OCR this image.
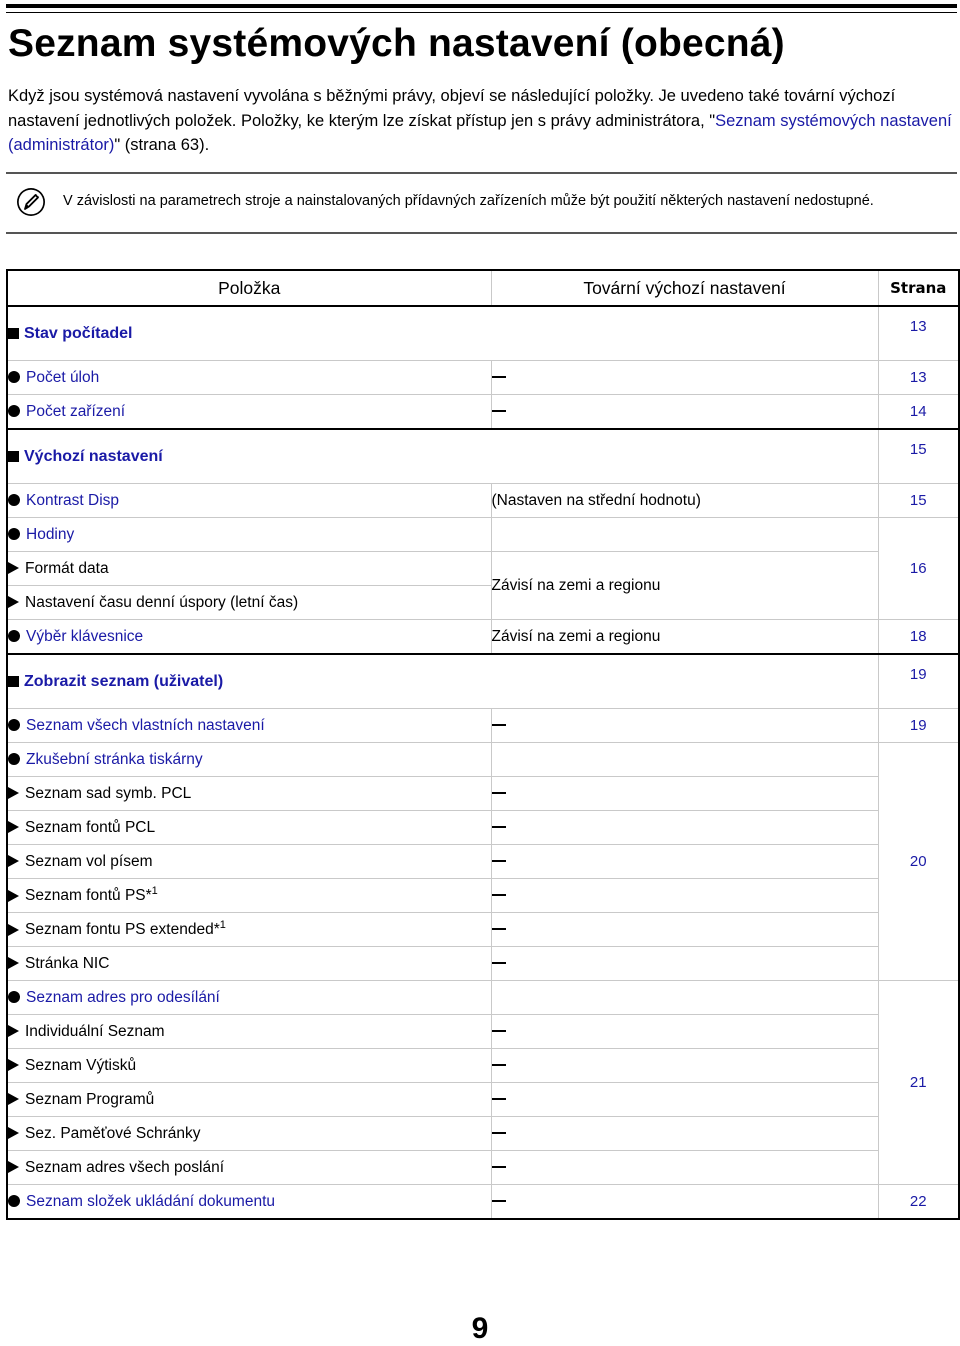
Seznam systémových nastavení (obecná)
Když jsou systémová nastavení vyvolána s běžnými právy, objeví se následující položky. Je uvedeno také tovární výchozí nastavení jednotlivých položek. Položky, ke kterým lze získat přístup jen s právy administrátora, "Seznam systémových nastavení (administrátor)" (strana 63).
V závislosti na parametrech stroje a nainstalovaných přídavných zařízeních může být použití některých nastavení nedostupné.
Položka	Tovární výchozí nastavení	Strana
Stav počítadel		13
Počet úloh		13
Počet zařízení		14
Výchozí nastavení		15
Kontrast Disp	(Nastaven na střední hodnotu)	15
Hodiny		16
Formát data	Závisí na zemi a regionu	
Nastavení času denní úspory (letní čas)		
Výběr klávesnice	Závisí na zemi a regionu	18
Zobrazit seznam (uživatel)		19
Seznam všech vlastních nastavení		19
Zkušební stránka tiskárny		20
Seznam sad symb. PCL		
Seznam fontů PCL		
Seznam vol písem		
Seznam fontů PS*$^1$	
Seznam fontu PS extended*$^1$	
Stránka NIC		
Seznam adres pro odesílání		21
Individuální Seznam		
Seznam Výtisků		
Seznam Programů		
Sez. Paměťové Schránky		
Seznam adres všech poslání		
Seznam složek ukládání dokumentu		22
9
